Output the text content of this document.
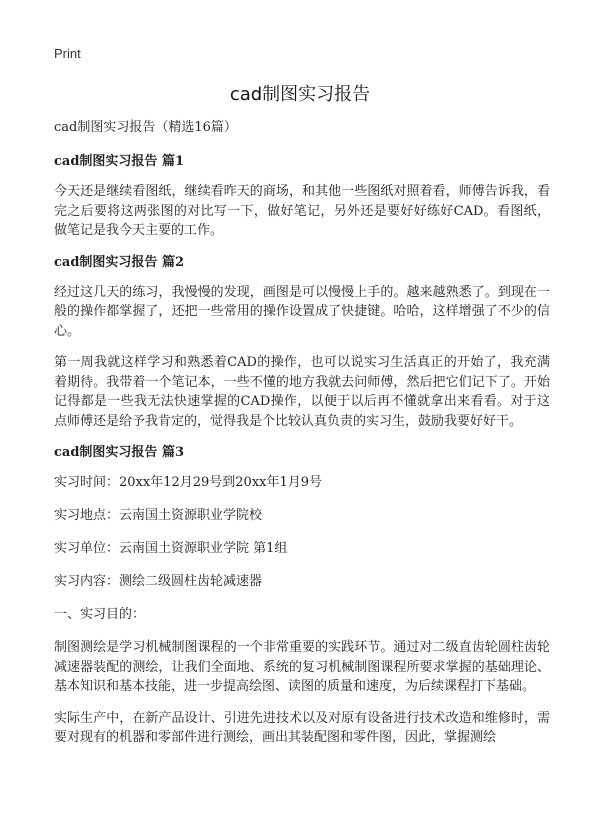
Print
cad制图实习报告

cad制图实习报告（精选16篇）

cad制图实习报告 篇1

今天还是继续看图纸，继续看昨天的商场，和其他一些图纸对照着看，师傅告诉我，看完之后要将这两张图的对比写一下，做好笔记，另外还是要好好练好CAD。看图纸，做笔记是我今天主要的工作。

cad制图实习报告 篇2

经过这几天的练习，我慢慢的发现，画图是可以慢慢上手的。越来越熟悉了。到现在一般的操作都掌握了，还把一些常用的操作设置成了快捷键。哈哈，这样增强了不少的信心。

第一周我就这样学习和熟悉着CAD的操作，也可以说实习生活真正的开始了，我充满着期待。我带着一个笔记本，一些不懂的地方我就去问师傅，然后把它们记下了。开始记得都是一些我无法快速掌握的CAD操作，以便于以后再不懂就拿出来看看。对于这点师傅还是给予我肯定的，觉得我是个比较认真负责的实习生，鼓励我要好好干。

cad制图实习报告 篇3

实习时间：20xx年12月29号到20xx年1月9号

实习地点：云南国土资源职业学院校

实习单位：云南国土资源职业学院 第1组

实习内容：测绘二级圆柱齿轮减速器

一、实习目的：

制图测绘是学习机械制图课程的一个非常重要的实践环节。通过对二级直齿轮圆柱齿轮减速器装配的测绘，让我们全面地、系统的复习机械制图课程所要求掌握的基础理论、基本知识和基本技能，进一步提高绘图、读图的质量和速度，为后续课程打下基础。

实际生产中，在新产品设计、引进先进技术以及对原有设备进行技术改造和维修时，需要对现有的机器和零部件进行测绘，画出其装配图和零件图，因此，掌握测绘
